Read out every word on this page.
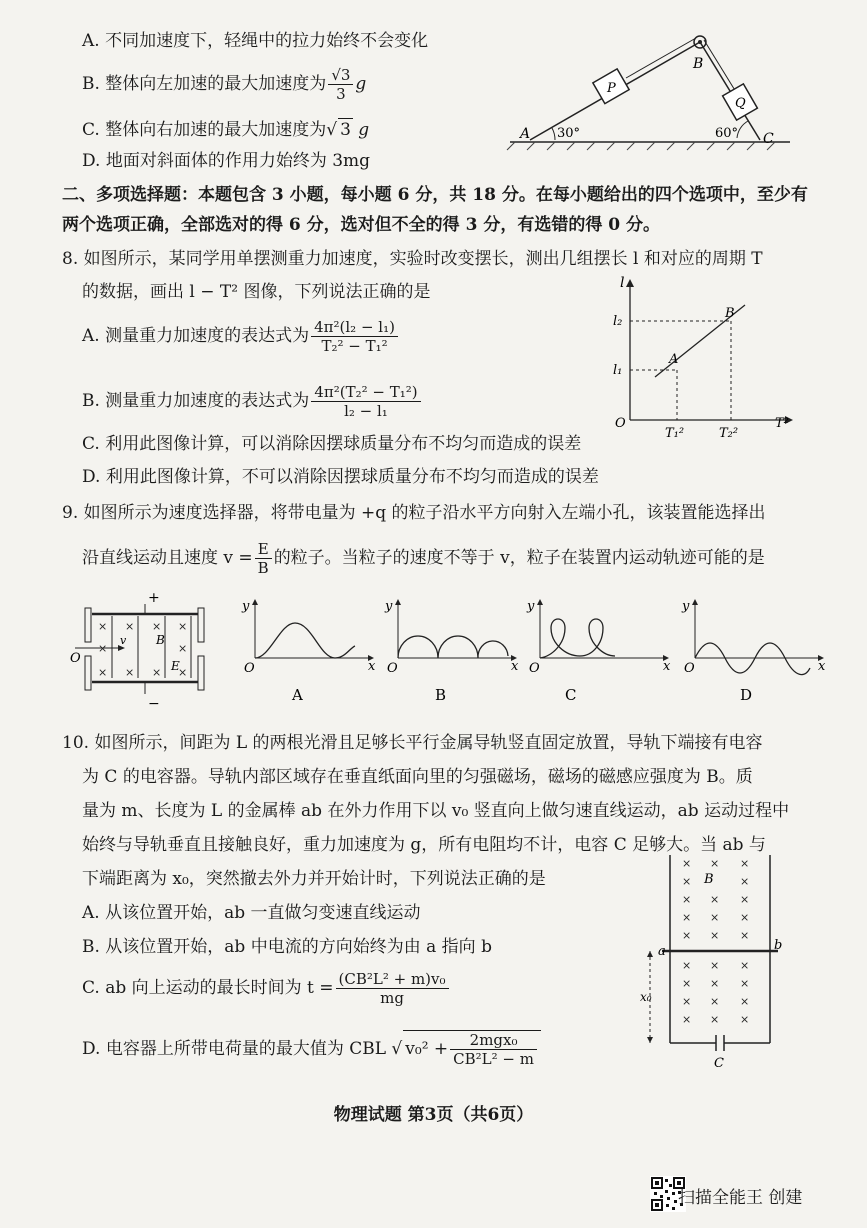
A. 不同加速度下，轻绳中的拉力始终不会变化
B. 整体向左加速的最大加速度为 $\frac{√3}{3}$ g
C. 整体向右加速的最大加速度为√ 3 g
D. 地面对斜面体的作用力始终为 3mg
A 30°
B
60° C
P
Q
二、多项选择题：本题包含 3 小题，每小题 6 分，共 18 分。在每小题给出的四个选项中，至少有
两个选项正确，全部选对的得 6 分，选对但不全的得 3 分，有选错的得 0 分。
8. 如图所示，某同学用单摆测重力加速度，实验时改变摆长，测出几组摆长 l 和对应的周期 T
的数据，画出 l − T² 图像，下列说法正确的是
A. 测量重力加速度的表达式为 $\frac{\text{4π²(l₂ − l₁)}}{\text{T₂² − T₁²}}$
B. 测量重力加速度的表达式为 $\frac{\text{4π²(T₂² − T₁²)}}{\text{l₂ − l₁}}$
C. 利用此图像计算，可以消除因摆球质量分布不均匀而造成的误差
D. 利用此图像计算，不可以消除因摆球质量分布不均匀而造成的误差
l
T²
l₂
l₁
T₁²	T₂²
O
A
B
9. 如图所示为速度选择器，将带电量为 +q 的粒子沿水平方向射入左端小孔，该装置能选择出
沿直线运动且速度 $v = \frac{E}{B}$ 的粒子。当粒子的速度不等于 v，粒子在装置内运动轨迹可能的是
+
−
× × × ×
×	×
× × × ×
O
v B
E
y
x
O
A
y
x
O
B
y
x
O
C
y
x
O
D
10. 如图所示，间距为 L 的两根光滑且足够长平行金属导轨竖直固定放置，导轨下端接有电容
为 C 的电容器。导轨内部区域存在垂直纸面向里的匀强磁场，磁场的磁感应强度为 B。质
量为 m、长度为 L 的金属棒 ab 在外力作用下以 v₀ 竖直向上做匀速直线运动，ab 运动过程中
始终与导轨垂直且接触良好，重力加速度为 g，所有电阻均不计，电容 C 足够大。当 ab 与
下端距离为 x₀，突然撤去外力并开始计时，下列说法正确的是
A. 从该位置开始，ab 一直做匀变速直线运动
B. 从该位置开始，ab 中电流的方向始终为由 a 指向 b
C. ab 向上运动的最长时间为 $t = \frac{\text{(CB²L² + m)v₀}}{mg}$
D. 电容器上所带电荷量的最大值为 CBL √ $v_0^2 + \frac{\text{2mgx₀}}{\text{CB²L² − m}}$
× × ×
×	×
× × ×
× × ×
× × ×
× × ×
× × ×
× × ×
× × ×
B
a	b
x₀
C
物理试题 第3页（共6页）
扫描全能王 创建
